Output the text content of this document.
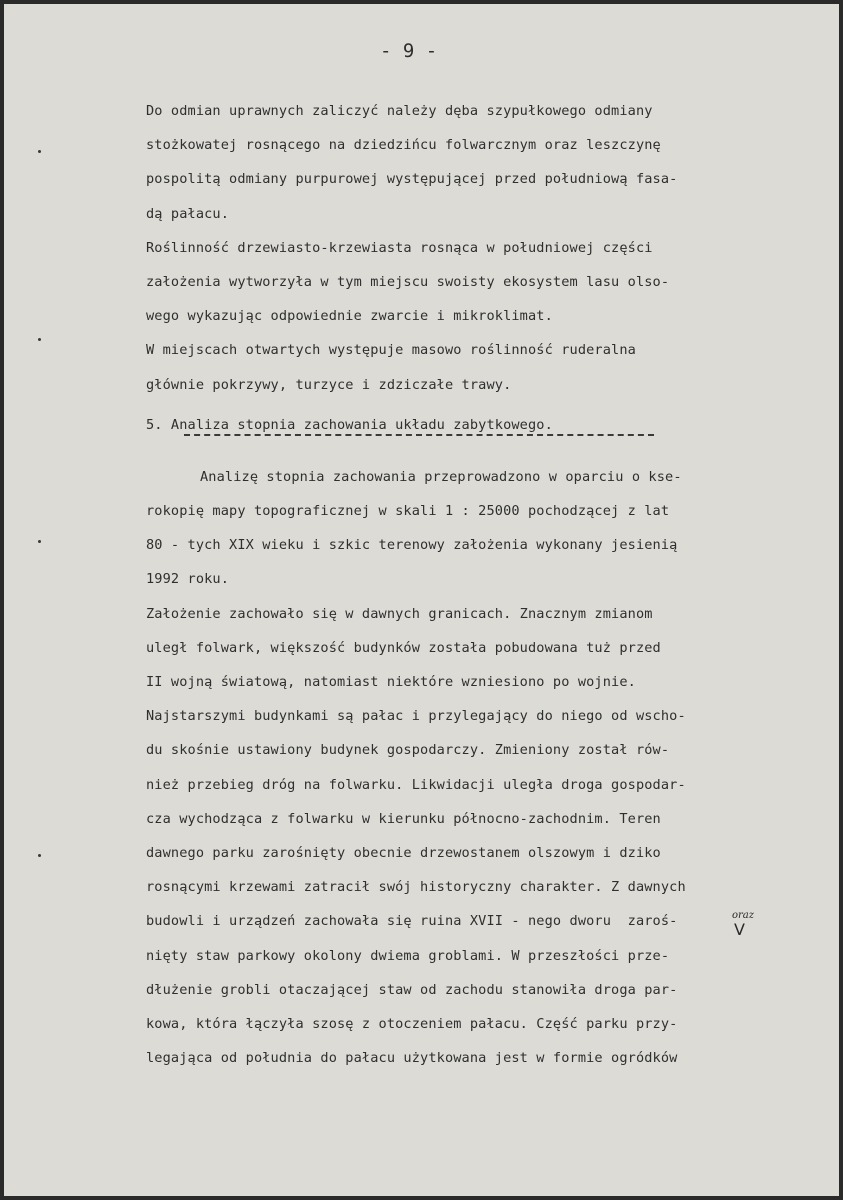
- 9 -
Do odmian uprawnych zaliczyć należy dęba szypułkowego odmiany
stożkowatej rosnącego na dziedzińcu folwarcznym oraz leszczynę
pospolitą odmiany purpurowej występującej przed południową fasa-
dą pałacu.
Roślinność drzewiasto-krzewiasta rosnąca w południowej części
założenia wytworzyła w tym miejscu swoisty ekosystem lasu olso-
wego wykazując odpowiednie zwarcie i mikroklimat.
W miejscach otwartych występuje masowo roślinność ruderalna
głównie pokrzywy, turzyce i zdziczałe trawy.
5. Analiza stopnia zachowania układu zabytkowego.
Analizę stopnia zachowania przeprowadzono w oparciu o kse-
rokopię mapy topograficznej w skali 1 : 25000 pochodzącej z lat
80 - tych XIX wieku i szkic terenowy założenia wykonany jesienią
1992 roku.
Założenie zachowało się w dawnych granicach. Znacznym zmianom
uległ folwark, większość budynków została pobudowana tuż przed
II wojną światową, natomiast niektóre wzniesiono po wojnie.
Najstarszymi budynkami są pałac i przylegający do niego od wscho-
du skośnie ustawiony budynek gospodarczy. Zmieniony został rów-
nież przebieg dróg na folwarku. Likwidacji uległa droga gospodar-
cza wychodząca z folwarku w kierunku północno-zachodnim. Teren
dawnego parku zarośnięty obecnie drzewostanem olszowym i dziko
rosnącymi krzewami zatracił swój historyczny charakter. Z dawnych
budowli i urządzeń zachowała się ruina XVII - nego dworu  zaroś-
nięty staw parkowy okolony dwiema groblami. W przeszłości prze-
dłużenie grobli otaczającej staw od zachodu stanowiła droga par-
kowa, która łączyła szosę z otoczeniem pałacu. Część parku przy-
legająca od południa do pałacu użytkowana jest w formie ogródków
oraz
V
